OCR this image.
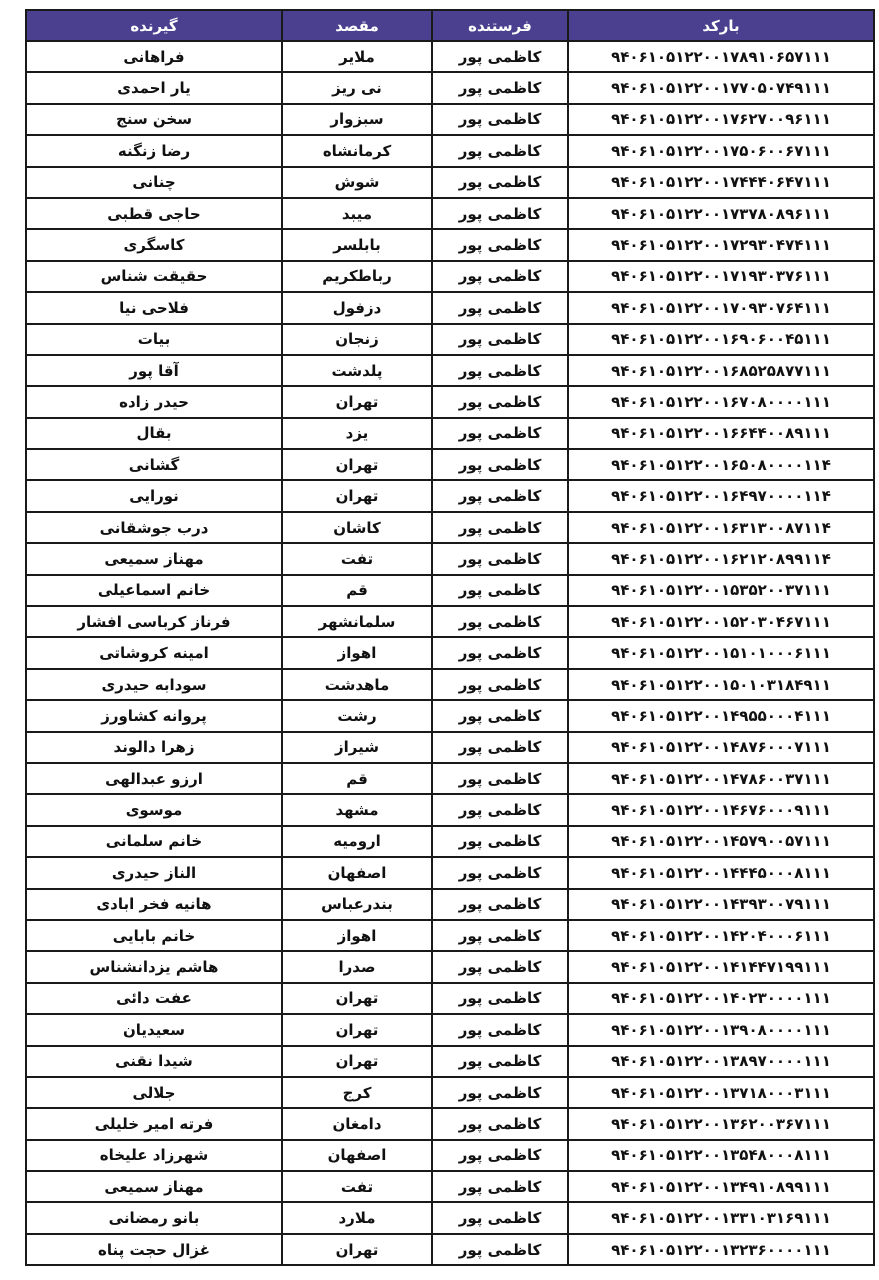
بارکد	فرستنده	مقصد	گیرنده
۹۴۰۶۱۰۵۱۲۲۰۰۱۷۸۹۱۰۶۵۷۱۱۱	کاظمی پور	ملایر	فراهانی
۹۴۰۶۱۰۵۱۲۲۰۰۱۷۷۰۵۰۷۴۹۱۱۱	کاظمی پور	نی ریز	یار احمدی
۹۴۰۶۱۰۵۱۲۲۰۰۱۷۶۲۷۰۰۹۶۱۱۱	کاظمی پور	سبزوار	سخن سنج
۹۴۰۶۱۰۵۱۲۲۰۰۱۷۵۰۶۰۰۶۷۱۱۱	کاظمی پور	کرمانشاه	رضا زنگنه
۹۴۰۶۱۰۵۱۲۲۰۰۱۷۴۴۴۰۶۴۷۱۱۱	کاظمی پور	شوش	چنانی
۹۴۰۶۱۰۵۱۲۲۰۰۱۷۳۷۸۰۸۹۶۱۱۱	کاظمی پور	میبد	حاجی قطبی
۹۴۰۶۱۰۵۱۲۲۰۰۱۷۲۹۳۰۴۷۴۱۱۱	کاظمی پور	بابلسر	کاسگری
۹۴۰۶۱۰۵۱۲۲۰۰۱۷۱۹۳۰۳۷۶۱۱۱	کاظمی پور	رباطکریم	حقیقت شناس
۹۴۰۶۱۰۵۱۲۲۰۰۱۷۰۹۳۰۷۶۴۱۱۱	کاظمی پور	دزفول	فلاحی نیا
۹۴۰۶۱۰۵۱۲۲۰۰۱۶۹۰۶۰۰۴۵۱۱۱	کاظمی پور	زنجان	بیات
۹۴۰۶۱۰۵۱۲۲۰۰۱۶۸۵۲۵۸۷۷۱۱۱	کاظمی پور	پلدشت	آقا پور
۹۴۰۶۱۰۵۱۲۲۰۰۱۶۷۰۸۰۰۰۰۱۱۱	کاظمی پور	تهران	حیدر زاده
۹۴۰۶۱۰۵۱۲۲۰۰۱۶۶۴۴۰۰۸۹۱۱۱	کاظمی پور	یزد	بقال
۹۴۰۶۱۰۵۱۲۲۰۰۱۶۵۰۸۰۰۰۰۱۱۴	کاظمی پور	تهران	گشانی
۹۴۰۶۱۰۵۱۲۲۰۰۱۶۴۹۷۰۰۰۰۱۱۴	کاظمی پور	تهران	نورایی
۹۴۰۶۱۰۵۱۲۲۰۰۱۶۳۱۳۰۰۸۷۱۱۴	کاظمی پور	کاشان	درب جوشقانی
۹۴۰۶۱۰۵۱۲۲۰۰۱۶۲۱۲۰۸۹۹۱۱۴	کاظمی پور	تفت	مهناز سمیعی
۹۴۰۶۱۰۵۱۲۲۰۰۱۵۳۵۲۰۰۳۷۱۱۱	کاظمی پور	قم	خانم اسماعیلی
۹۴۰۶۱۰۵۱۲۲۰۰۱۵۲۰۳۰۴۶۷۱۱۱	کاظمی پور	سلمانشهر	فرناز کرباسی افشار
۹۴۰۶۱۰۵۱۲۲۰۰۱۵۱۰۱۰۰۰۶۱۱۱	کاظمی پور	اهواز	امینه کروشاتی
۹۴۰۶۱۰۵۱۲۲۰۰۱۵۰۱۰۳۱۸۴۹۱۱	کاظمی پور	ماهدشت	سودابه حیدری
۹۴۰۶۱۰۵۱۲۲۰۰۱۴۹۵۵۰۰۰۴۱۱۱	کاظمی پور	رشت	پروانه کشاورز
۹۴۰۶۱۰۵۱۲۲۰۰۱۴۸۷۶۰۰۰۷۱۱۱	کاظمی پور	شیراز	زهرا دالوند
۹۴۰۶۱۰۵۱۲۲۰۰۱۴۷۸۶۰۰۳۷۱۱۱	کاظمی پور	قم	ارزو عبدالهی
۹۴۰۶۱۰۵۱۲۲۰۰۱۴۶۷۶۰۰۰۹۱۱۱	کاظمی پور	مشهد	موسوی
۹۴۰۶۱۰۵۱۲۲۰۰۱۴۵۷۹۰۰۵۷۱۱۱	کاظمی پور	ارومیه	خانم سلمانی
۹۴۰۶۱۰۵۱۲۲۰۰۱۴۴۴۵۰۰۰۸۱۱۱	کاظمی پور	اصفهان	الناز حیدری
۹۴۰۶۱۰۵۱۲۲۰۰۱۴۳۹۳۰۰۷۹۱۱۱	کاظمی پور	بندرعباس	هانیه فخر ابادی
۹۴۰۶۱۰۵۱۲۲۰۰۱۴۲۰۴۰۰۰۶۱۱۱	کاظمی پور	اهواز	خانم بابایی
۹۴۰۶۱۰۵۱۲۲۰۰۱۴۱۴۴۷۱۹۹۱۱۱	کاظمی پور	صدرا	هاشم یزدانشناس
۹۴۰۶۱۰۵۱۲۲۰۰۱۴۰۲۳۰۰۰۰۱۱۱	کاظمی پور	تهران	عفت دائی
۹۴۰۶۱۰۵۱۲۲۰۰۱۳۹۰۸۰۰۰۰۱۱۱	کاظمی پور	تهران	سعیدیان
۹۴۰۶۱۰۵۱۲۲۰۰۱۳۸۹۷۰۰۰۰۱۱۱	کاظمی پور	تهران	شیدا نقنی
۹۴۰۶۱۰۵۱۲۲۰۰۱۳۷۱۸۰۰۰۳۱۱۱	کاظمی پور	کرج	جلالی
۹۴۰۶۱۰۵۱۲۲۰۰۱۳۶۲۰۰۳۶۷۱۱۱	کاظمی پور	دامغان	فرته امیر خلیلی
۹۴۰۶۱۰۵۱۲۲۰۰۱۳۵۴۸۰۰۰۸۱۱۱	کاظمی پور	اصفهان	شهرزاد علیخاه
۹۴۰۶۱۰۵۱۲۲۰۰۱۳۴۹۱۰۸۹۹۱۱۱	کاظمی پور	تفت	مهناز سمیعی
۹۴۰۶۱۰۵۱۲۲۰۰۱۳۳۱۰۳۱۶۹۱۱۱	کاظمی پور	ملارد	بانو رمضانی
۹۴۰۶۱۰۵۱۲۲۰۰۱۳۲۳۶۰۰۰۰۱۱۱	کاظمی پور	تهران	غزال حجت پناه
